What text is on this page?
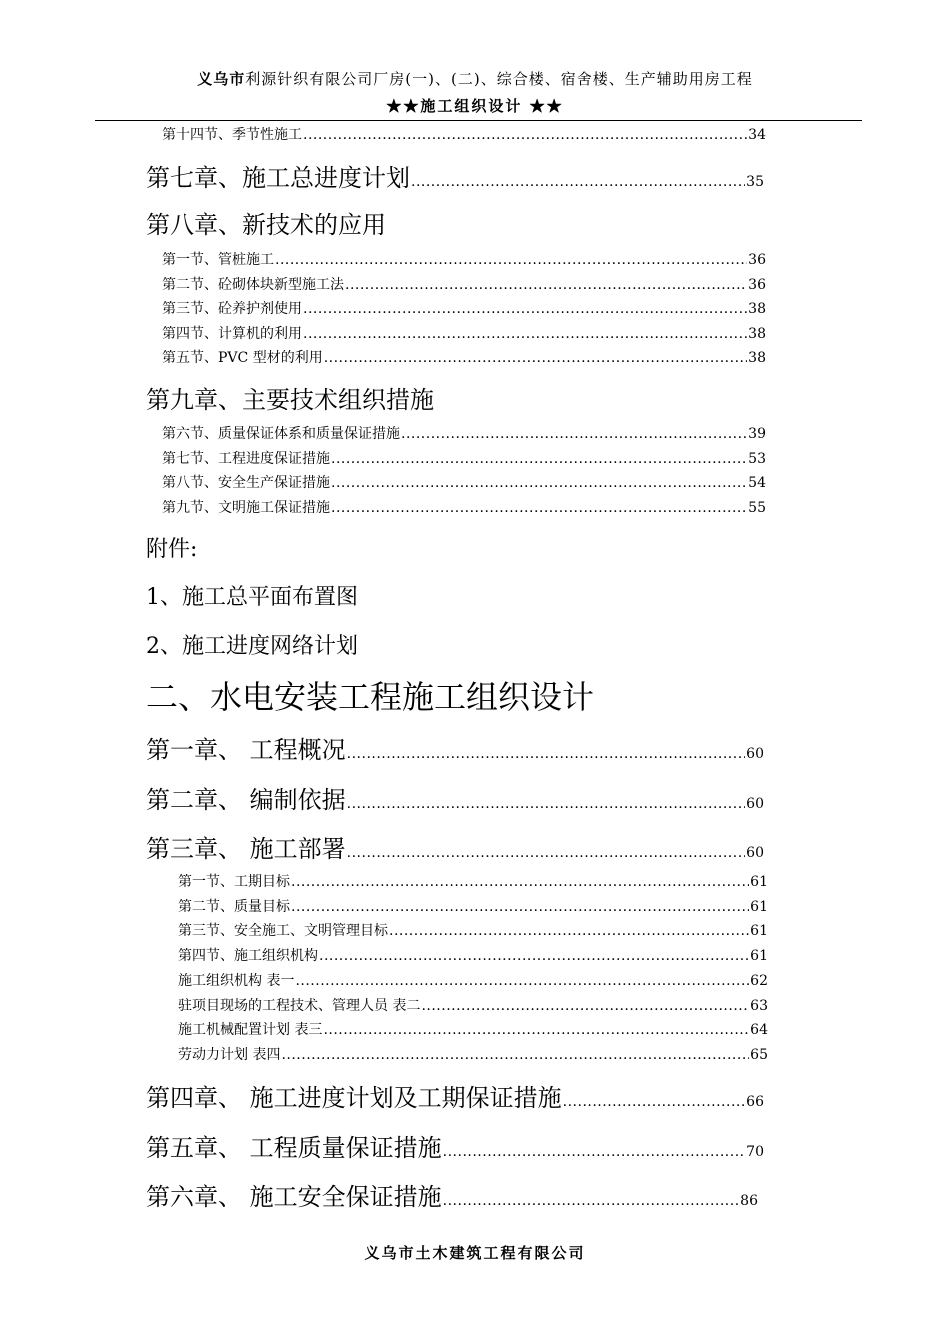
义乌市利源针织有限公司厂房(一)、(二)、综合楼、宿舍楼、生产辅助用房工程
★★施工组织设计 ★★
第十四节、季节性施工 .....	34
第七章、施工总进度计划 .....	35
第八章、新技术的应用
第一节、管桩施工 .....	36
第二节、砼砌体块新型施工法 .....	36
第三节、砼养护剂使用 .....	38
第四节、计算机的利用 .....	38
第五节、PVC 型材的利用 .....	38
第九章、主要技术组织措施
第六节、质量保证体系和质量保证措施 .....	39
第七节、工程进度保证措施 .....	53
第八节、安全生产保证措施 .....	54
第九节、文明施工保证措施 .....	55
附件:
1、施工总平面布置图
2、施工进度网络计划
二、水电安装工程施工组织设计
第一章、 工程概况 .....	60
第二章、 编制依据 .....	60
第三章、 施工部署 .....	60
第一节、工期目标 .....	61
第二节、质量目标 .....	61
第三节、安全施工、文明管理目标 .....	61
第四节、施工组织机构 .....	61
施工组织机构 表一 .....	62
驻项目现场的工程技术、管理人员 表二 .....	63
施工机械配置计划 表三 .....	64
劳动力计划 表四 .....	65
第四章、 施工进度计划及工期保证措施 .....	66
第五章、 工程质量保证措施 .....	70
第六章、 施工安全保证措施 .....	86
义乌市土木建筑工程有限公司
